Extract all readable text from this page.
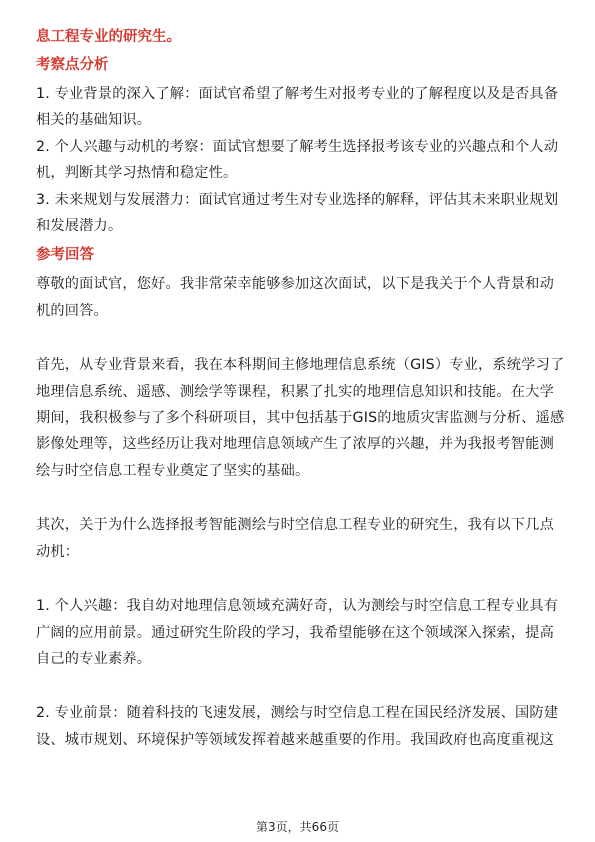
息工程专业的研究生。

考察点分析

1. 专业背景的深入了解：面试官希望了解考生对报考专业的了解程度以及是否具备相关的基础知识。

2. 个人兴趣与动机的考察：面试官想要了解考生选择报考该专业的兴趣点和个人动机，判断其学习热情和稳定性。

3. 未来规划与发展潜力：面试官通过考生对专业选择的解释，评估其未来职业规划和发展潜力。

参考回答

尊敬的面试官，您好。我非常荣幸能够参加这次面试，以下是我关于个人背景和动机的回答。

首先，从专业背景来看，我在本科期间主修地理信息系统（GIS）专业，系统学习了地理信息系统、遥感、测绘学等课程，积累了扎实的地理信息知识和技能。在大学期间，我积极参与了多个科研项目，其中包括基于GIS的地质灾害监测与分析、遥感影像处理等，这些经历让我对地理信息领域产生了浓厚的兴趣，并为我报考智能测绘与时空信息工程专业奠定了坚实的基础。

其次，关于为什么选择报考智能测绘与时空信息工程专业的研究生，我有以下几点动机：

1. 个人兴趣：我自幼对地理信息领域充满好奇，认为测绘与时空信息工程专业具有广阔的应用前景。通过研究生阶段的学习，我希望能够在这个领域深入探索，提高自己的专业素养。

2. 专业前景：随着科技的飞速发展，测绘与时空信息工程在国民经济发展、国防建设、城市规划、环境保护等领域发挥着越来越重要的作用。我国政府也高度重视这

第3页，共66页
